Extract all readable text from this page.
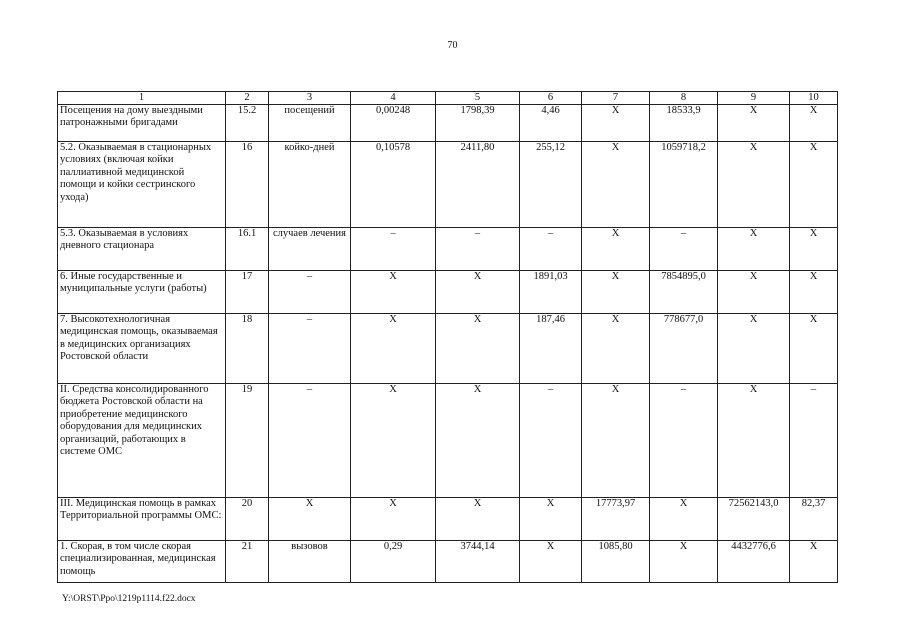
70
1	2	3	4	5	6	7	8	9	10
Посещения на дому выездными патронажными бригадами	15.2	посещений	0,00248	1798,39	4,46	Х	18533,9	Х	Х
5.2. Оказываемая в стационарных условиях (включая койки паллиативной медицинской помощи и койки сестринского ухода)	16	койко-дней	0,10578	2411,80	255,12	Х	1059718,2	Х	Х
5.3. Оказываемая в условиях дневного стационара	16.1	случаев лечения	–	–	–	Х	–	Х	Х
6. Иные государственные и муниципальные услуги (работы)	17	–	Х	Х	1891,03	Х	7854895,0	Х	Х
7. Высокотехнологичная медицинская помощь, оказываемая в медицинских организациях Ростовской области	18	–	Х	Х	187,46	Х	778677,0	Х	Х
II. Средства консолидированного бюджета Ростовской области на приобретение медицинского оборудования для медицинских организаций, работающих в системе ОМС	19	–	Х	Х	–	Х	–	Х	–
III. Медицинская помощь в рамках Территориальной программы ОМС:	20	Х	Х	Х	Х	17773,97	Х	72562143,0	82,37
1. Скорая, в том числе скорая специализированная, медицинская помощь	21	вызовов	0,29	3744,14	Х	1085,80	Х	4432776,6	Х
Y:\ORST\Ppo\1219p1114.f22.docx
